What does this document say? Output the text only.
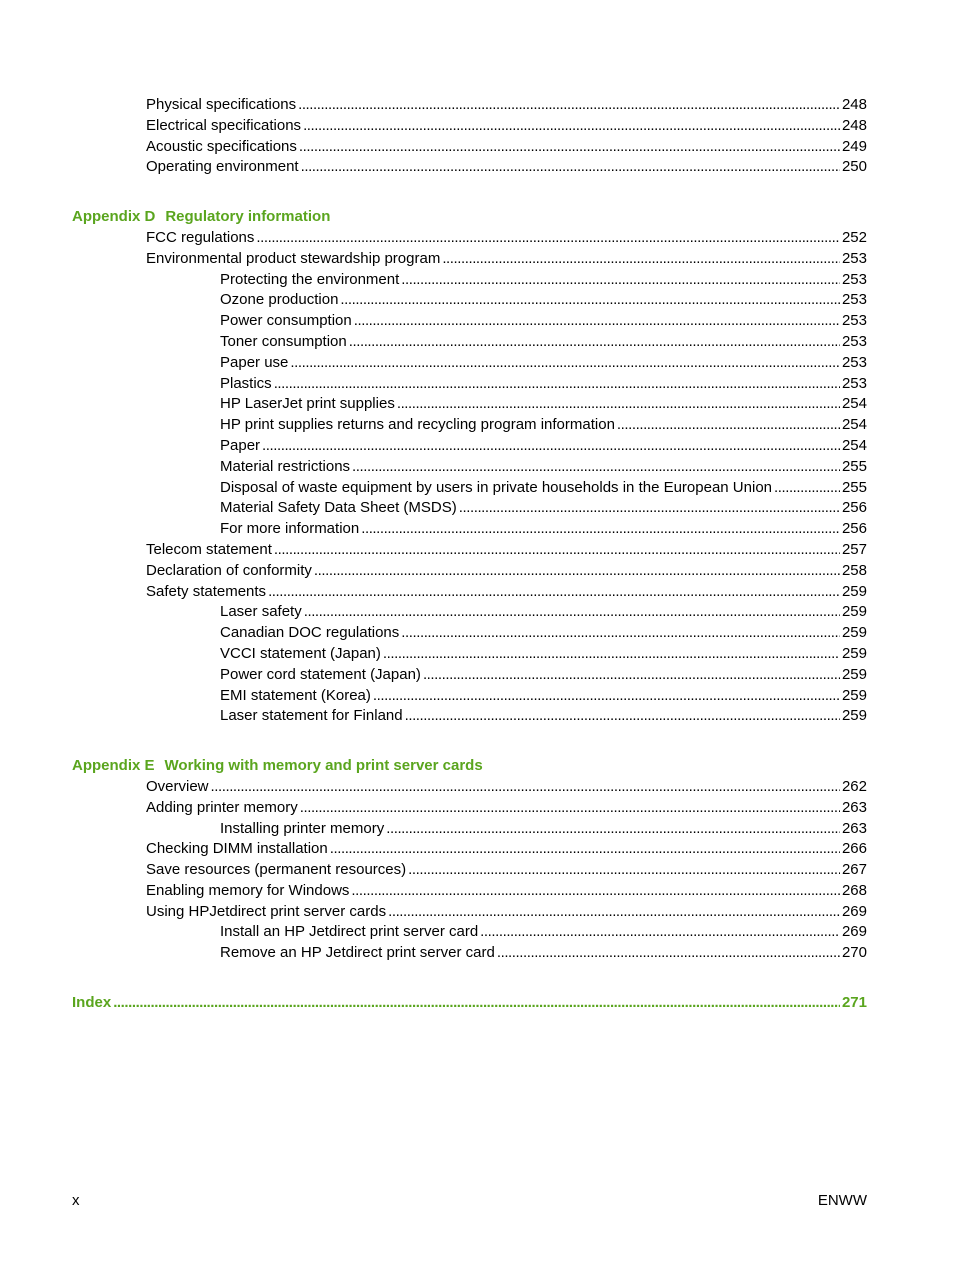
Physical specifications . . .	248
Electrical specifications . . .	248
Acoustic specifications . . .	249
Operating environment . . .	250
Appendix D Regulatory information
FCC regulations . . .	252
Environmental product stewardship program . . .	253
Protecting the environment . . .	253
Ozone production . . .	253
Power consumption . . .	253
Toner consumption . . .	253
Paper use . . .	253
Plastics . . .	253
HP LaserJet print supplies . . .	254
HP print supplies returns and recycling program information . . .	254
Paper . . .	254
Material restrictions . . .	255
Disposal of waste equipment by users in private households in the European Union . . .	255
Material Safety Data Sheet (MSDS) . . .	256
For more information . . .	256
Telecom statement . . .	257
Declaration of conformity . . .	258
Safety statements . . .	259
Laser safety . . .	259
Canadian DOC regulations . . .	259
VCCI statement (Japan) . . .	259
Power cord statement (Japan) . . .	259
EMI statement (Korea) . . .	259
Laser statement for Finland . . .	259
Appendix E Working with memory and print server cards
Overview . . .	262
Adding printer memory . . .	263
Installing printer memory . . .	263
Checking DIMM installation . . .	266
Save resources (permanent resources) . . .	267
Enabling memory for Windows . . .	268
Using HPJetdirect print server cards . . .	269
Install an HP Jetdirect print server card . . .	269
Remove an HP Jetdirect print server card . . .	270
Index . . .	271
x	ENWW
